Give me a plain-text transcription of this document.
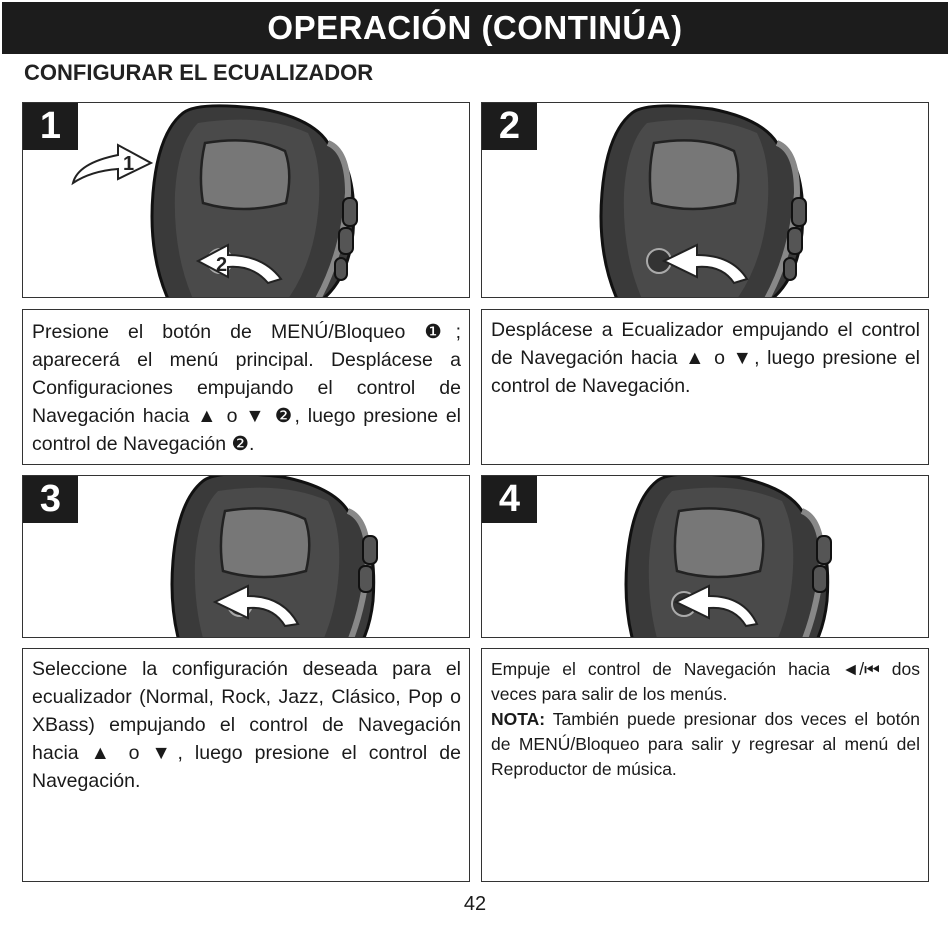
OPERACIÓN (CONTINÚA)
CONFIGURAR EL ECUALIZADOR
1
2
1	2

Presione el botón de MENÚ/Bloqueo ❶; aparecerá el menú principal. Desplácese a Configuraciones empujando el control de Navegación hacia ▲ o ▼ ❷, luego presione el control de Navegación ❷.

Desplácese a Ecualizador empujando el control de Navegación hacia ▲ o ▼, luego presione el control de Navegación.

3	4

Seleccione la configuración deseada para el ecualizador (Normal, Rock, Jazz, Clásico, Pop o XBass) empujando el control de Navegación hacia ▲ o ▼, luego presione el control de Navegación.

Empuje el control de Navegación hacia ◄/⏮ dos veces para salir de los menús.

NOTA: También puede presionar dos veces el botón de MENÚ/Bloqueo para salir y regresar al menú del Reproductor de música.

42
